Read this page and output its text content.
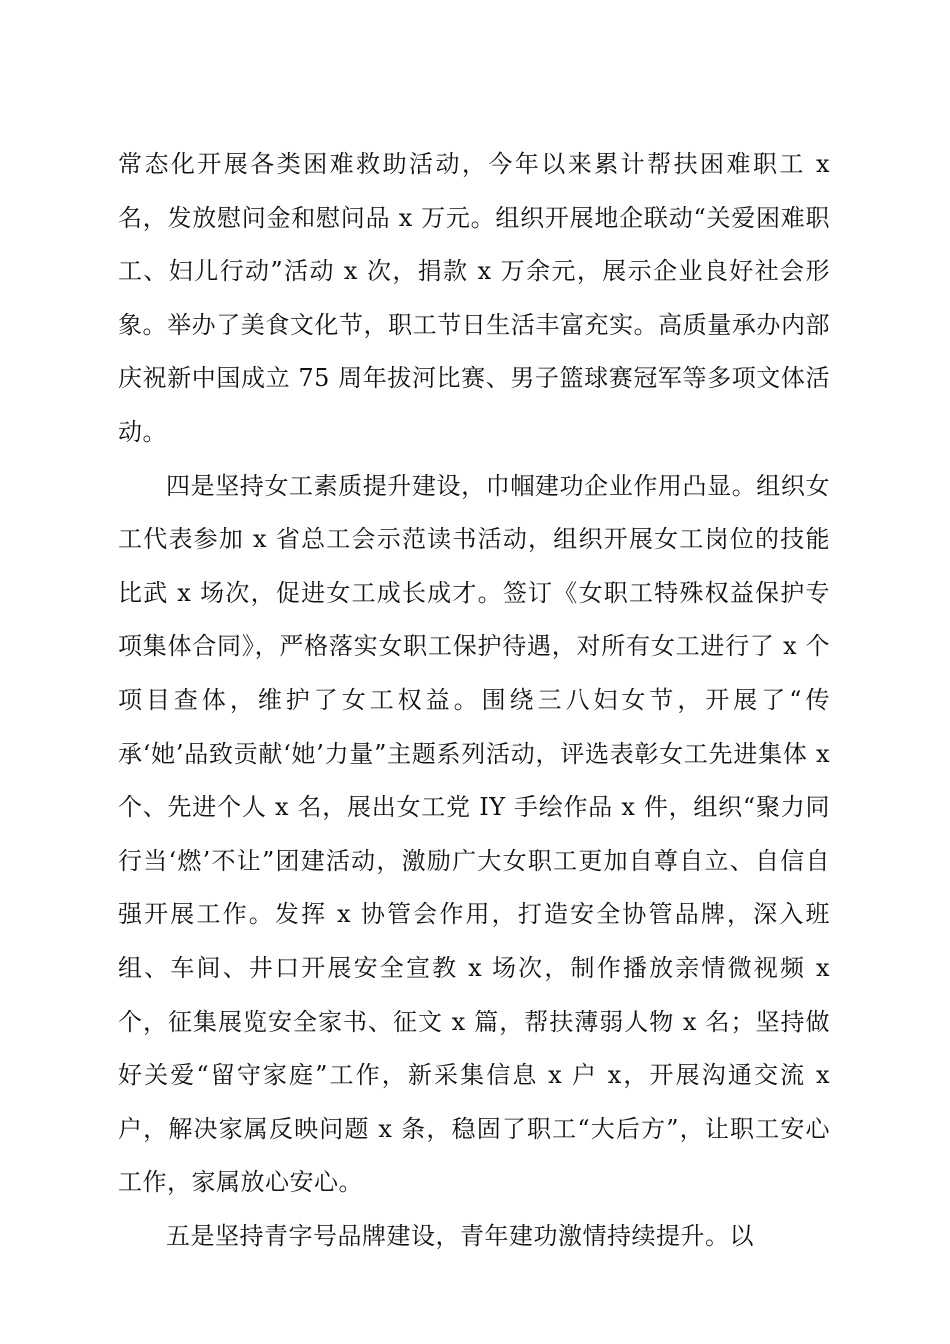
常态化开展各类困难救助活动，今年以来累计帮扶困难职工 x 名，发放慰问金和慰问品 x 万元。组织开展地企联动“关爱困难职工、妇儿行动”活动 x 次，捐款 x 万余元，展示企业良好社会形象。举办了美食文化节，职工节日生活丰富充实。高质量承办内部庆祝新中国成立 75 周年拔河比赛、男子篮球赛冠军等多项文体活动。

四是坚持女工素质提升建设，巾帼建功企业作用凸显。组织女工代表参加 x 省总工会示范读书活动，组织开展女工岗位的技能比武 x 场次，促进女工成长成才。签订《女职工特殊权益保护专项集体合同》，严格落实女职工保护待遇，对所有女工进行了 x 个项目查体，维护了女工权益。围绕三八妇女节，开展了“传承‘她’品致贡献‘她’力量”主题系列活动，评选表彰女工先进集体 x 个、先进个人 x 名，展出女工党 IY 手绘作品 x 件，组织“聚力同行当‘燃’不让”团建活动，激励广大女职工更加自尊自立、自信自强开展工作。发挥 x 协管会作用，打造安全协管品牌，深入班组、车间、井口开展安全宣教 x 场次，制作播放亲情微视频 x 个，征集展览安全家书、征文 x 篇，帮扶薄弱人物 x 名；坚持做好关爱“留守家庭”工作，新采集信息 x 户 x，开展沟通交流 x 户，解决家属反映问题 x 条，稳固了职工“大后方”，让职工安心工作，家属放心安心。

五是坚持青字号品牌建设，青年建功激情持续提升。以
